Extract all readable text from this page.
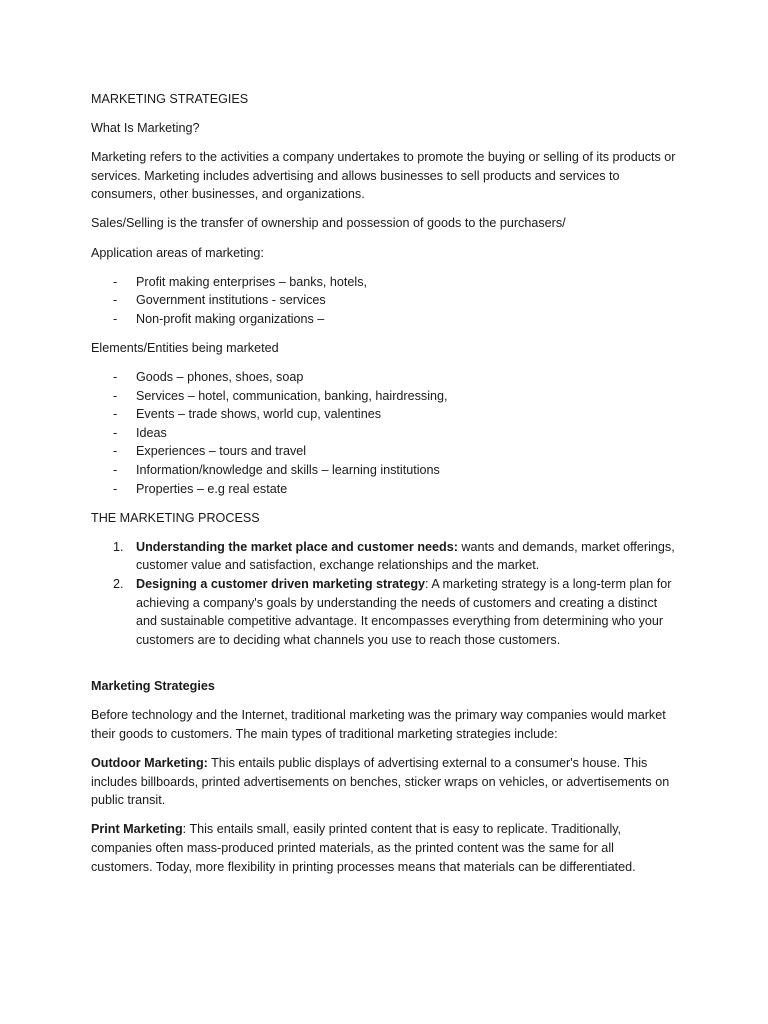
MARKETING STRATEGIES

What Is Marketing?

Marketing refers to the activities a company undertakes to promote the buying or selling of its products or services. Marketing includes advertising and allows businesses to sell products and services to consumers, other businesses, and organizations.

Sales/Selling is the transfer of ownership and possession of goods to the purchasers/

Application areas of marketing:

- Profit making enterprises – banks, hotels,
- Government institutions - services
- Non-profit making organizations –

Elements/Entities being marketed

- Goods – phones, shoes, soap
- Services – hotel, communication, banking, hairdressing,
- Events – trade shows, world cup, valentines
- Ideas
- Experiences – tours and travel
- Information/knowledge and skills – learning institutions
- Properties – e.g real estate

THE MARKETING PROCESS

1. Understanding the market place and customer needs: wants and demands, market offerings, customer value and satisfaction, exchange relationships and the market.
2. Designing a customer driven marketing strategy: A marketing strategy is a long-term plan for achieving a company's goals by understanding the needs of customers and creating a distinct and sustainable competitive advantage. It encompasses everything from determining who your customers are to deciding what channels you use to reach those customers.

Marketing Strategies

Before technology and the Internet, traditional marketing was the primary way companies would market their goods to customers. The main types of traditional marketing strategies include:

Outdoor Marketing: This entails public displays of advertising external to a consumer's house. This includes billboards, printed advertisements on benches, sticker wraps on vehicles, or advertisements on public transit.

Print Marketing: This entails small, easily printed content that is easy to replicate. Traditionally, companies often mass-produced printed materials, as the printed content was the same for all customers. Today, more flexibility in printing processes means that materials can be differentiated.
